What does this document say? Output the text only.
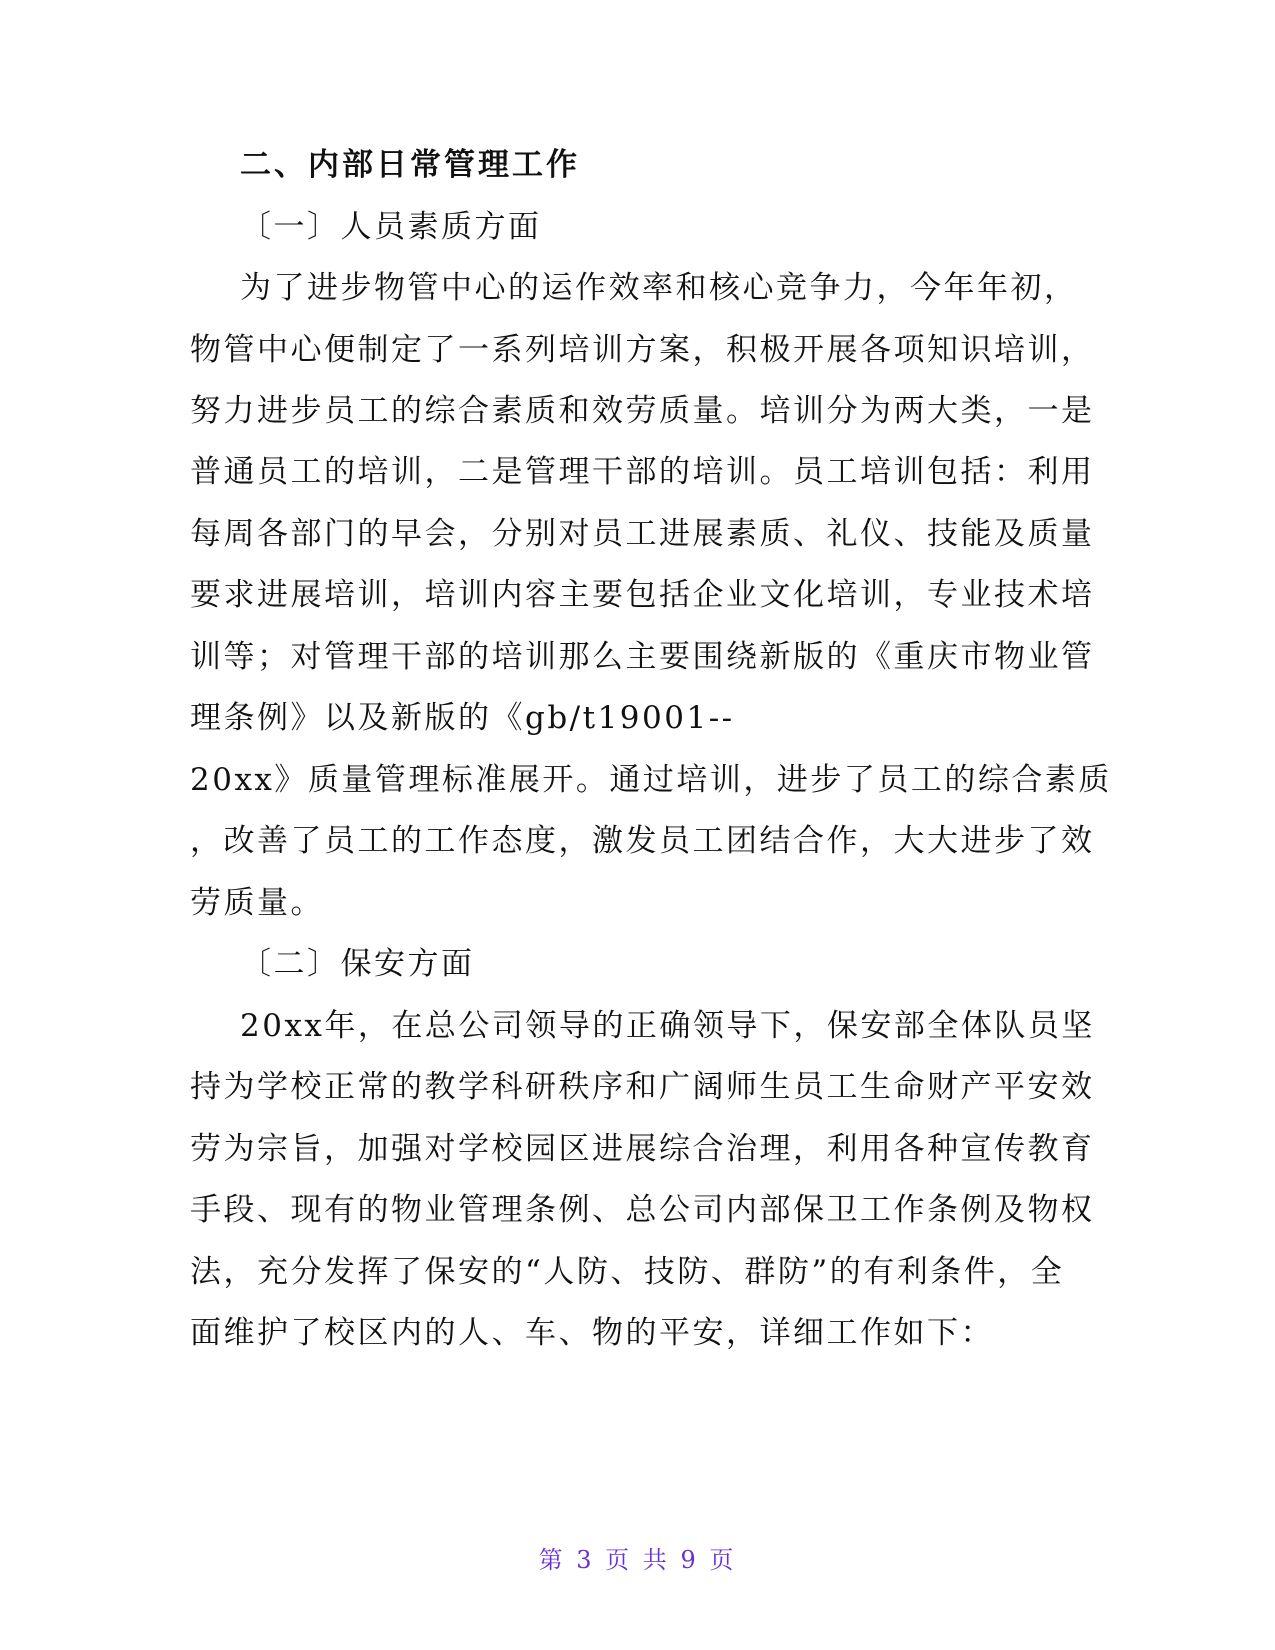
二、内部日常管理工作
〔一〕人员素质方面
为了进步物管中心的运作效率和核心竞争力，今年年初，
物管中心便制定了一系列培训方案，积极开展各项知识培训，
努力进步员工的综合素质和效劳质量。培训分为两大类，一是
普通员工的培训，二是管理干部的培训。员工培训包括：利用
每周各部门的早会，分别对员工进展素质、礼仪、技能及质量
要求进展培训，培训内容主要包括企业文化培训，专业技术培
训等；对管理干部的培训那么主要围绕新版的《重庆市物业管
理条例》以及新版的《gb/t19001--
20xx》质量管理标准展开。通过培训，进步了员工的综合素质
，改善了员工的工作态度，激发员工团结合作，大大进步了效
劳质量。
〔二〕保安方面
20xx年，在总公司领导的正确领导下，保安部全体队员坚
持为学校正常的教学科研秩序和广阔师生员工生命财产平安效
劳为宗旨，加强对学校园区进展综合治理，利用各种宣传教育
手段、现有的物业管理条例、总公司内部保卫工作条例及物权
法，充分发挥了保安的“人防、技防、群防”的有利条件，全
面维护了校区内的人、车、物的平安，详细工作如下：
第 3 页 共 9 页
